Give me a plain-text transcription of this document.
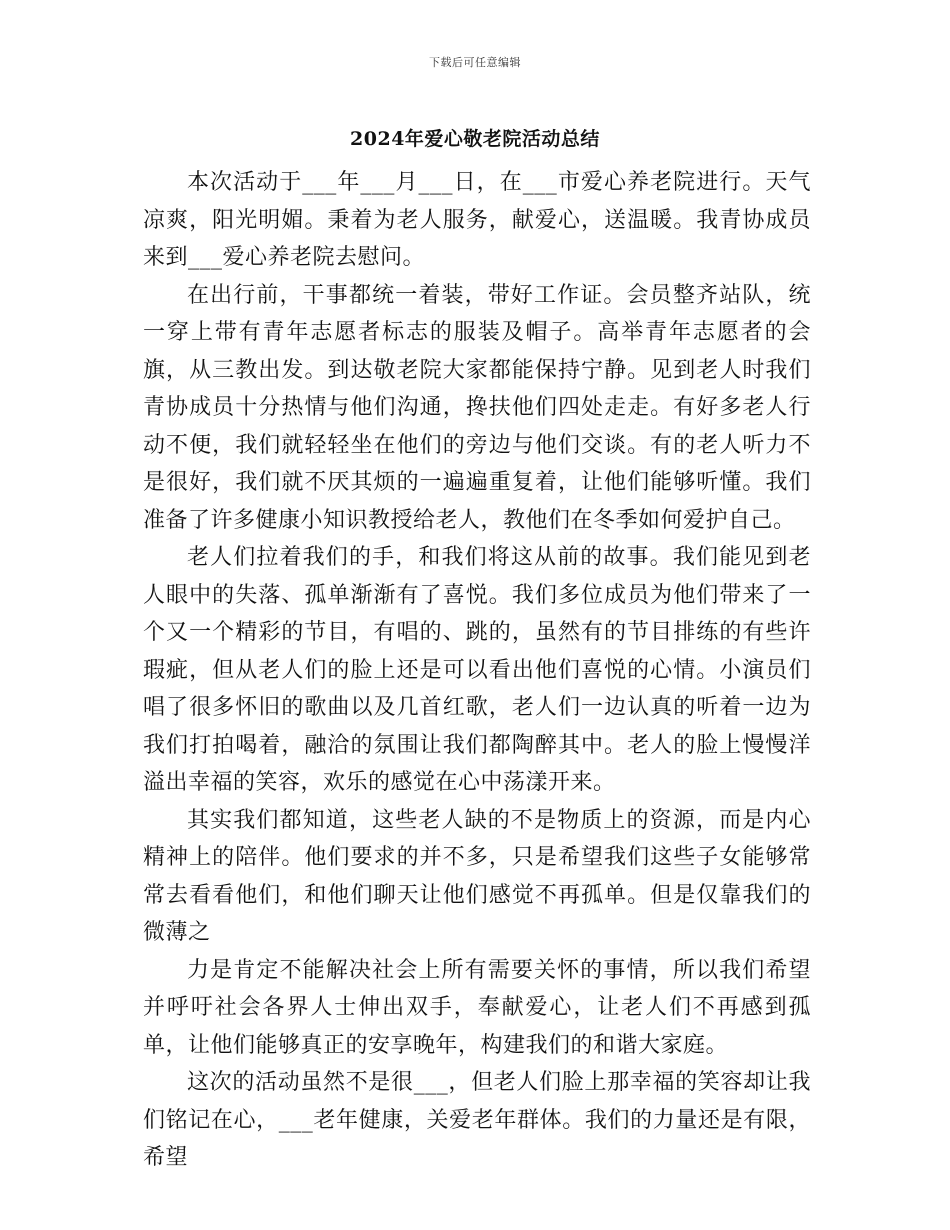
下载后可任意编辑
2024年爱心敬老院活动总结

本次活动于___年___月___日，在___市爱心养老院进行。天气凉爽，阳光明媚。秉着为老人服务，献爱心，送温暖。我青协成员来到___爱心养老院去慰问。

在出行前，干事都统一着装，带好工作证。会员整齐站队，统一穿上带有青年志愿者标志的服装及帽子。高举青年志愿者的会旗，从三教出发。到达敬老院大家都能保持宁静。见到老人时我们青协成员十分热情与他们沟通，搀扶他们四处走走。有好多老人行动不便，我们就轻轻坐在他们的旁边与他们交谈。有的老人听力不是很好，我们就不厌其烦的一遍遍重复着，让他们能够听懂。我们准备了许多健康小知识教授给老人，教他们在冬季如何爱护自己。

老人们拉着我们的手，和我们将这从前的故事。我们能见到老人眼中的失落、孤单渐渐有了喜悦。我们多位成员为他们带来了一个又一个精彩的节目，有唱的、跳的，虽然有的节目排练的有些许瑕疵，但从老人们的脸上还是可以看出他们喜悦的心情。小演员们唱了很多怀旧的歌曲以及几首红歌，老人们一边认真的听着一边为我们打拍喝着，融洽的氛围让我们都陶醉其中。老人的脸上慢慢洋溢出幸福的笑容，欢乐的感觉在心中荡漾开来。

其实我们都知道，这些老人缺的不是物质上的资源，而是内心精神上的陪伴。他们要求的并不多，只是希望我们这些子女能够常常去看看他们，和他们聊天让他们感觉不再孤单。但是仅靠我们的微薄之

力是肯定不能解决社会上所有需要关怀的事情，所以我们希望并呼吁社会各界人士伸出双手，奉献爱心，让老人们不再感到孤单，让他们能够真正的安享晚年，构建我们的和谐大家庭。

这次的活动虽然不是很___，但老人们脸上那幸福的笑容却让我们铭记在心，___老年健康，关爱老年群体。我们的力量还是有限，希望
